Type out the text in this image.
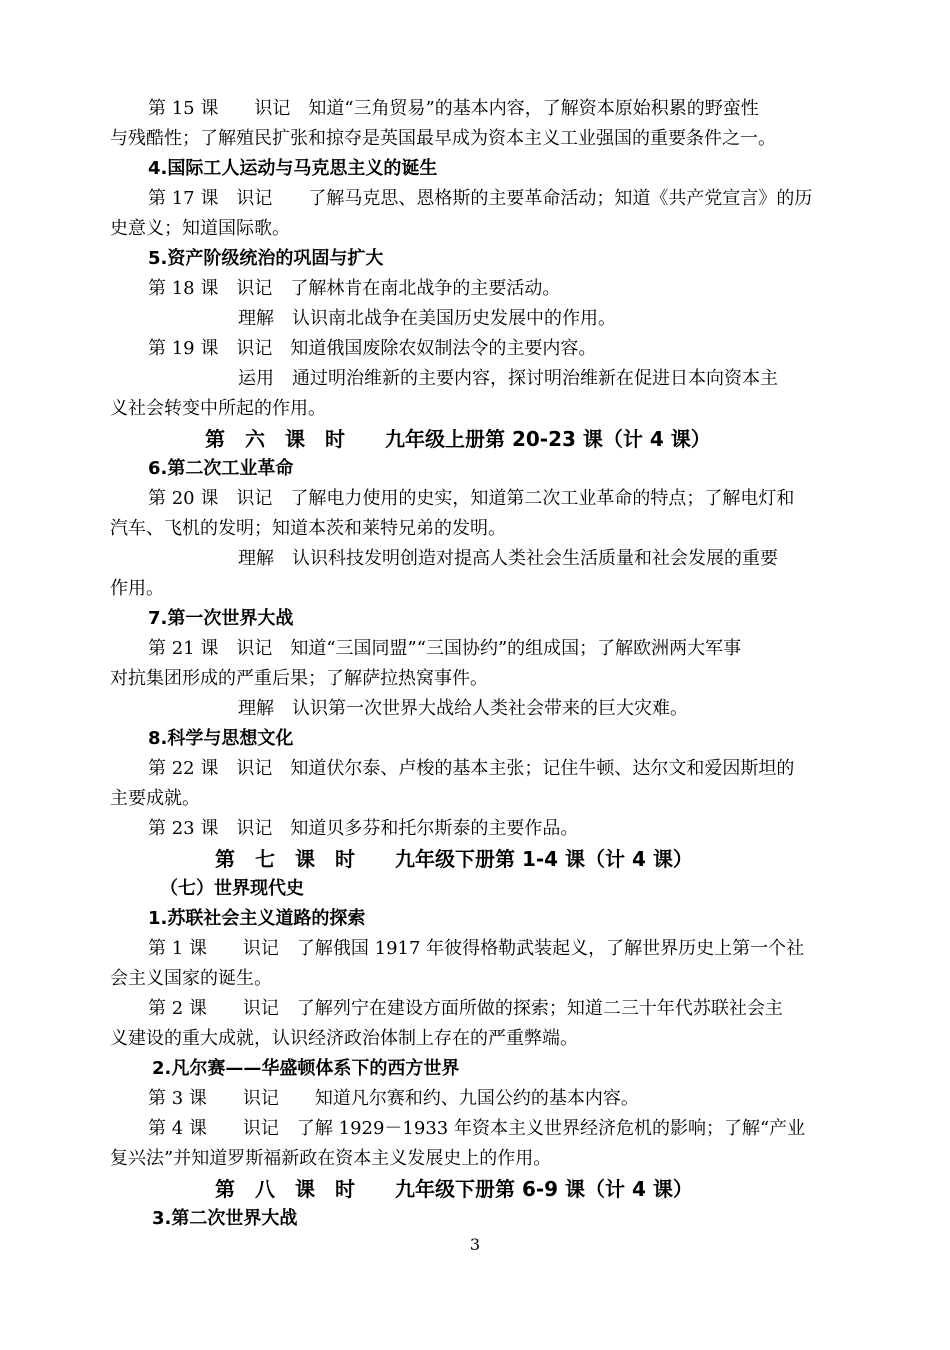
第 15 课　　识记　知道“三角贸易”的基本内容，了解资本原始积累的野蛮性
与残酷性；了解殖民扩张和掠夺是英国最早成为资本主义工业强国的重要条件之一。
4.国际工人运动与马克思主义的诞生
第 17 课　识记　　了解马克思、恩格斯的主要革命活动；知道《共产党宣言》的历
史意义；知道国际歌。
5.资产阶级统治的巩固与扩大
第 18 课　识记　了解林肯在南北战争的主要活动。
理解　认识南北战争在美国历史发展中的作用。
第 19 课　识记　知道俄国废除农奴制法令的主要内容。
运用　通过明治维新的主要内容，探讨明治维新在促进日本向资本主
义社会转变中所起的作用。
第　六　课　时　　九年级上册第 20-23 课（计 4 课）
6.第二次工业革命
第 20 课　识记　了解电力使用的史实，知道第二次工业革命的特点；了解电灯和
汽车、飞机的发明；知道本茨和莱特兄弟的发明。
理解　认识科技发明创造对提高人类社会生活质量和社会发展的重要
作用。
7.第一次世界大战
第 21 课　识记　知道“三国同盟”“三国协约”的组成国；了解欧洲两大军事
对抗集团形成的严重后果；了解萨拉热窝事件。
理解　认识第一次世界大战给人类社会带来的巨大灾难。
8.科学与思想文化
第 22 课　识记　知道伏尔泰、卢梭的基本主张；记住牛顿、达尔文和爱因斯坦的
主要成就。
第 23 课　识记　知道贝多芬和托尔斯泰的主要作品。
第　七　课　时　　九年级下册第 1-4 课（计 4 课）
（七）世界现代史
1.苏联社会主义道路的探索
第 1 课　　识记　了解俄国 1917 年彼得格勒武装起义，了解世界历史上第一个社
会主义国家的诞生。
第 2 课　　识记　了解列宁在建设方面所做的探索；知道二三十年代苏联社会主
义建设的重大成就，认识经济政治体制上存在的严重弊端。
2.凡尔赛——华盛顿体系下的西方世界
第 3 课　　识记　　知道凡尔赛和约、九国公约的基本内容。
第 4 课　　识记　了解 1929－1933 年资本主义世界经济危机的影响；了解“产业
复兴法”并知道罗斯福新政在资本主义发展史上的作用。
第　八　课　时　　九年级下册第 6-9 课（计 4 课）
3.第二次世界大战
3
